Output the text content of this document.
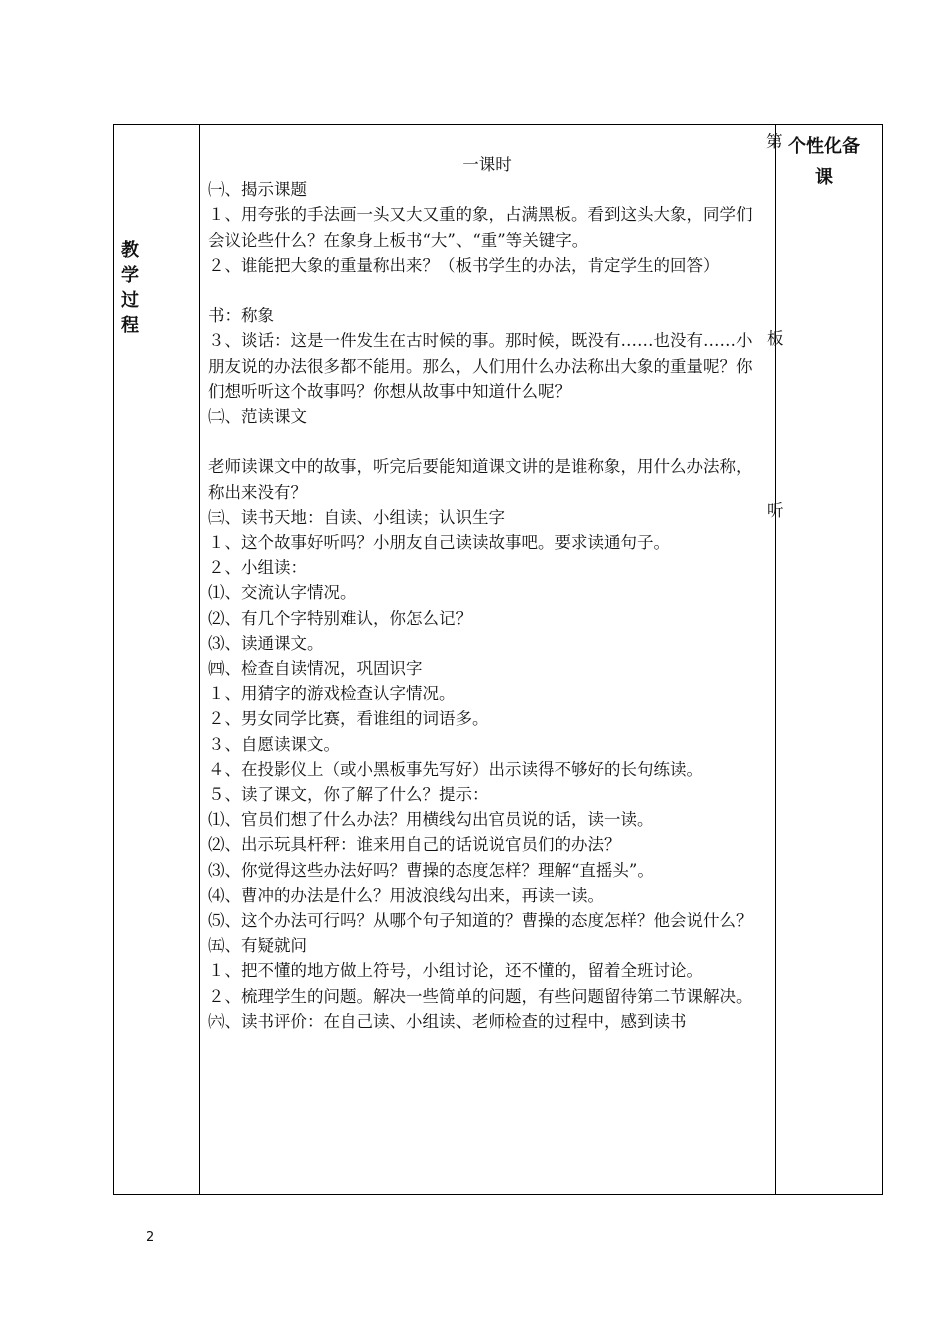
教学过程
个性化备课
第
板
听
一课时
㈠、揭示课题
１、用夸张的手法画一头又大又重的象，占满黑板。看到这头大象，同学们会议论些什么？在象身上板书“大”、“重”等关键字。
２、谁能把大象的重量称出来？（板书学生的办法，肯定学生的回答）
书：称象
３、谈话：这是一件发生在古时候的事。那时候，既没有……也没有……小朋友说的办法很多都不能用。那么，人们用什么办法称出大象的重量呢？你们想听听这个故事吗？你想从故事中知道什么呢？
㈡、范读课文
老师读课文中的故事，听完后要能知道课文讲的是谁称象，用什么办法称，称出来没有？
㈢、读书天地：自读、小组读；认识生字
１、这个故事好听吗？小朋友自己读读故事吧。要求读通句子。
２、小组读：
⑴、交流认字情况。
⑵、有几个字特别难认，你怎么记？
⑶、读通课文。
㈣、检查自读情况，巩固识字
１、用猜字的游戏检查认字情况。
２、男女同学比赛，看谁组的词语多。
３、自愿读课文。
４、在投影仪上（或小黑板事先写好）出示读得不够好的长句练读。
５、读了课文，你了解了什么？提示：
⑴、官员们想了什么办法？用横线勾出官员说的话，读一读。
⑵、出示玩具杆秤：谁来用自己的话说说官员们的办法？
⑶、你觉得这些办法好吗？曹操的态度怎样？理解“直摇头”。
⑷、曹冲的办法是什么？用波浪线勾出来，再读一读。
⑸、这个办法可行吗？从哪个句子知道的？曹操的态度怎样？他会说什么？
㈤、有疑就问
１、把不懂的地方做上符号，小组讨论，还不懂的，留着全班讨论。
２、梳理学生的问题。解决一些简单的问题，有些问题留待第二节课解决。
㈥、读书评价：在自己读、小组读、老师检查的过程中，感到读书
2
